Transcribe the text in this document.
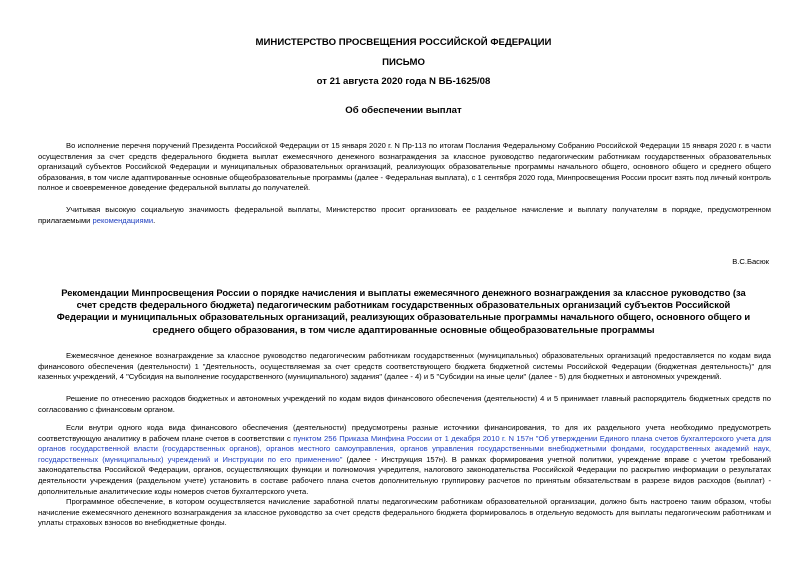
МИНИСТЕРСТВО ПРОСВЕЩЕНИЯ РОССИЙСКОЙ ФЕДЕРАЦИИ
ПИСЬМО
от 21 августа 2020 года N ВБ-1625/08
Об обеспечении выплат

Во исполнение перечня поручений Президента Российской Федерации от 15 января 2020 г. N Пр-113 по итогам Послания Федеральному Собранию Российской Федерации 15 января 2020 г. в части осуществления за счет средств федерального бюджета выплат ежемесячного денежного вознаграждения за классное руководство педагогическим работникам государственных образовательных организаций субъектов Российской Федерации и муниципальных образовательных организаций, реализующих образовательные программы начального общего, основного общего и среднего общего образования, в том числе адаптированные основные общеобразовательные программы (далее - Федеральная выплата), с 1 сентября 2020 года, Минпросвещения России просит взять под личный контроль полное и своевременное доведение федеральной выплаты до получателей.

Учитывая высокую социальную значимость федеральной выплаты, Министерство просит организовать ее раздельное начисление и выплату получателям в порядке, предусмотренном прилагаемыми рекомендациями.

В.С.Басюк
Рекомендации Минпросвещения России о порядке начисления и выплаты ежемесячного денежного вознаграждения за классное руководство (за счет средств федерального бюджета) педагогическим работникам государственных образовательных организаций субъектов Российской Федерации и муниципальных образовательных организаций, реализующих образовательные программы начального общего, основного общего и среднего общего образования, в том числе адаптированные основные общеобразовательные программы

Ежемесячное денежное вознаграждение за классное руководство педагогическим работникам государственных (муниципальных) образовательных организаций предоставляется по кодам вида финансового обеспечения (деятельности) 1 "Деятельность, осуществляемая за счет средств соответствующего бюджета бюджетной системы Российской Федерации (бюджетная деятельность)" для казенных учреждений, 4 "Субсидия на выполнение государственного (муниципального) задания" (далее - 4) и 5 "Субсидии на иные цели" (далее - 5) для бюджетных и автономных учреждений.

Решение по отнесению расходов бюджетных и автономных учреждений по кодам видов финансового обеспечения (деятельности) 4 и 5 принимает главный распорядитель бюджетных средств по согласованию с финансовым органом.

Если внутри одного кода вида финансового обеспечения (деятельности) предусмотрены разные источники финансирования, то для их раздельного учета необходимо предусмотреть соответствующую аналитику в рабочем плане счетов в соответствии с пунктом 256 Приказа Минфина России от 1 декабря 2010 г. N 157н "Об утверждении Единого плана счетов бухгалтерского учета для органов государственной власти (государственных органов), органов местного самоуправления, органов управления государственными внебюджетными фондами, государственных академий наук, государственных (муниципальных) учреждений и Инструкции по его применению" (далее - Инструкция 157н). В рамках формирования учетной политики, учреждение вправе с учетом требований законодательства Российской Федерации, органов, осуществляющих функции и полномочия учредителя, налогового законодательства Российской Федерации по раскрытию информации о результатах деятельности учреждения (раздельном учете) установить в составе рабочего плана счетов дополнительную группировку расчетов по принятым обязательствам в разрезе видов расходов (выплат) - дополнительные аналитические коды номеров счетов бухгалтерского учета.

Программное обеспечение, в котором осуществляется начисление заработной платы педагогическим работникам образовательной организации, должно быть настроено таким образом, чтобы начисление ежемесячного денежного вознаграждения за классное руководство за счет средств федерального бюджета формировалось в отдельную ведомость для выплаты педагогическим работникам и уплаты страховых взносов во внебюджетные фонды.
